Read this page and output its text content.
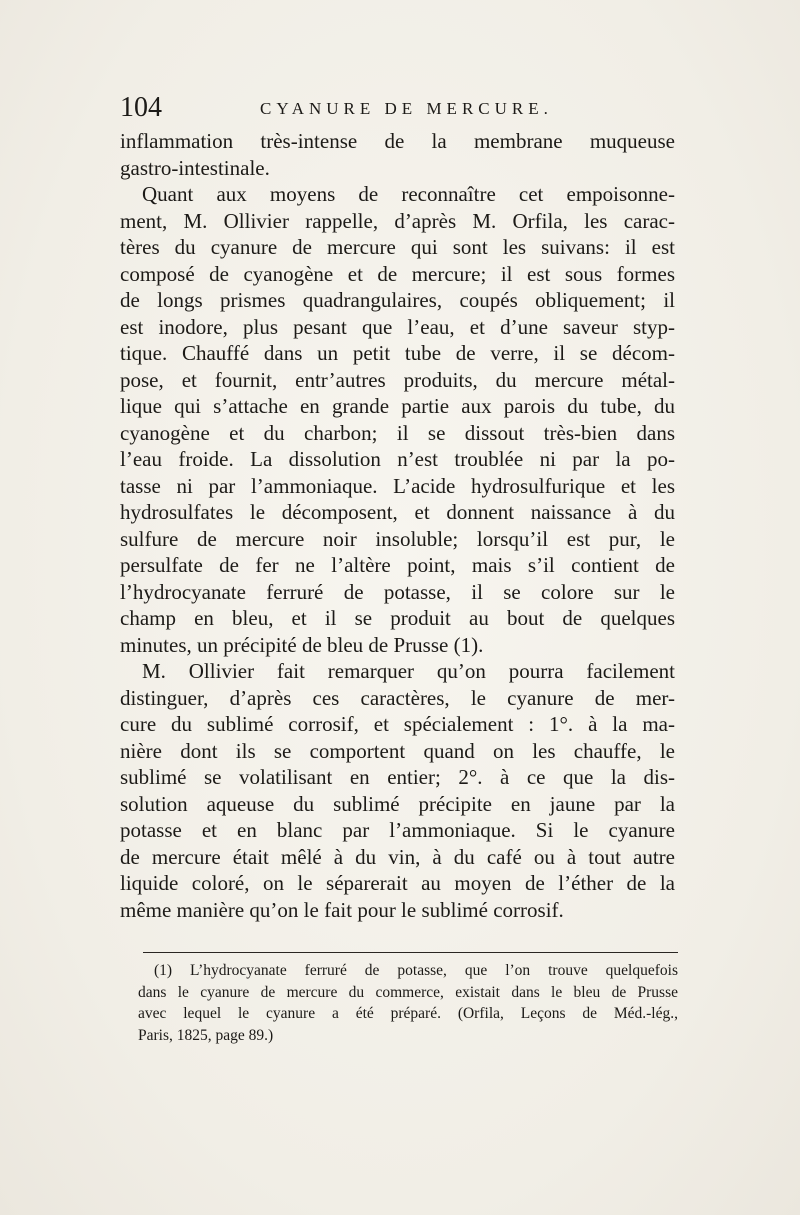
104	CYANURE DE MERCURE.
inflammation très-intense de la membrane muqueuse
gastro-intestinale.
Quant aux moyens de reconnaître cet empoisonne-
ment, M. Ollivier rappelle, d’après M. Orfila, les carac-
tères du cyanure de mercure qui sont les suivans: il est
composé de cyanogène et de mercure; il est sous formes
de longs prismes quadrangulaires, coupés obliquement; il
est inodore, plus pesant que l’eau, et d’une saveur styp-
tique. Chauffé dans un petit tube de verre, il se décom-
pose, et fournit, entr’autres produits, du mercure métal-
lique qui s’attache en grande partie aux parois du tube, du
cyanogène et du charbon; il se dissout très-bien dans
l’eau froide. La dissolution n’est troublée ni par la po-
tasse ni par l’ammoniaque. L’acide hydrosulfurique et les
hydrosulfates le décomposent, et donnent naissance à du
sulfure de mercure noir insoluble; lorsqu’il est pur, le
persulfate de fer ne l’altère point, mais s’il contient de
l’hydrocyanate ferruré de potasse, il se colore sur le
champ en bleu, et il se produit au bout de quelques
minutes, un précipité de bleu de Prusse (1).
M. Ollivier fait remarquer qu’on pourra facilement
distinguer, d’après ces caractères, le cyanure de mer-
cure du sublimé corrosif, et spécialement : 1°. à la ma-
nière dont ils se comportent quand on les chauffe, le
sublimé se volatilisant en entier; 2°. à ce que la dis-
solution aqueuse du sublimé précipite en jaune par la
potasse et en blanc par l’ammoniaque. Si le cyanure
de mercure était mêlé à du vin, à du café ou à tout autre
liquide coloré, on le séparerait au moyen de l’éther de la
même manière qu’on le fait pour le sublimé corrosif.
(1) L’hydrocyanate ferruré de potasse, que l’on trouve quelquefois
dans le cyanure de mercure du commerce, existait dans le bleu de Prusse
avec lequel le cyanure a été préparé. (Orfila, Leçons de Méd.-lég.,
Paris, 1825, page 89.)
